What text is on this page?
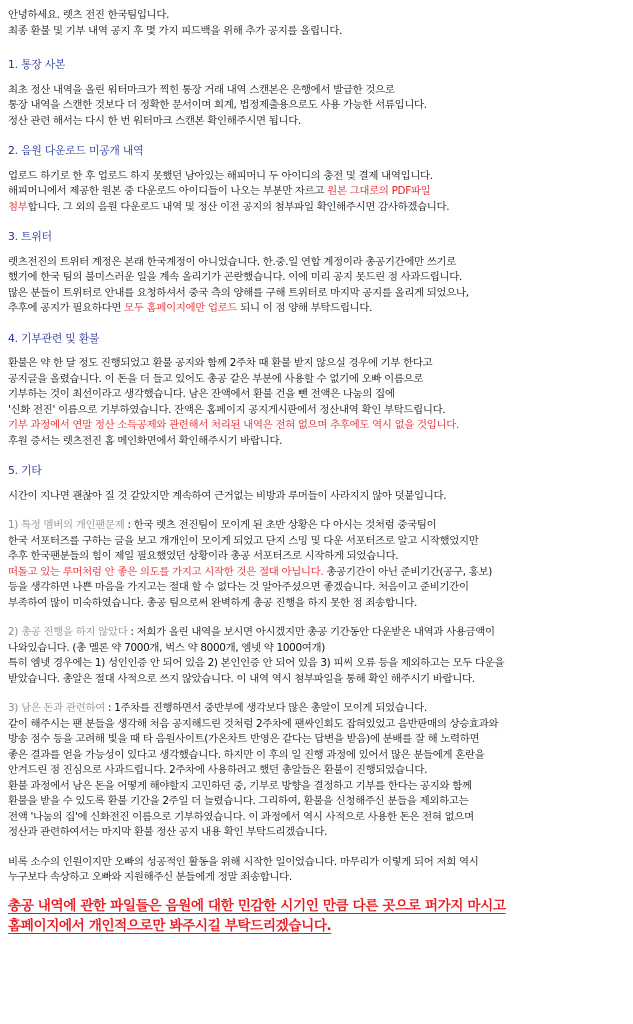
안녕하세요. 렛츠 전진 한국팀입니다.

최종 환불 및 기부 내역 공지 후 몇 가지 피드백을 위해 추가 공지를 올립니다.

1. 통장 사본

최초 정산 내역을 올린 워터마크가 찍힌 통장 거래 내역 스캔본은 은행에서 발급한 것으로

통장 내역을 스캔한 것보다 더 정확한 문서이며 회계, 법정제출용으로도 사용 가능한 서류입니다.

정산 관련 해서는 다시 한 번 워터마크 스캔본 확인해주시면 됩니다.

2. 음원 다운로드 미공개 내역

업로드 하기로 한 후 업로드 하지 못했던 남아있는 해피머니 두 아이디의 충전 및 결제 내역입니다.

해피머니에서 제공한 원본 중 다운로드 아이디들이 나오는 부분만 자르고 원본 그대로의 PDF파일

첨부합니다. 그 외의 음원 다운로드 내역 및 정산 이전 공지의 첨부파일 확인해주시면 감사하겠습니다.

3. 트위터

렛츠전진의 트위터 계정은 본래 한국계정이 아니었습니다. 한.중.일 연합 계정이라 총공기간에만 쓰기로

했기에 한국 팀의 불미스러운 일을 계속 올리기가 곤란했습니다. 이에 미리 공지 못드린 점 사과드립니다.

많은 분들이 트위터로 안내를 요청하셔서 중국 측의 양해를 구해 트위터로 마지막 공지를 올리게 되었으나,

추후에 공지가 필요하다면 모두 홈페이지에만 업로드 되니 이 점 양해 부탁드립니다.

4. 기부관련 및 환불

환불은 약 한 달 정도 진행되었고 환불 공지와 함께 2주차 때 환불 받지 않으실 경우에 기부 한다고

공지글을 올렸습니다. 이 돈을 더 들고 있어도 총공 같은 부분에 사용할 수 없기에 오빠 이름으로

기부하는 것이 최선이라고 생각했습니다. 남은 잔액에서 환불 건을 뺀 전액은 나눔의 집에

'신화 전진' 이름으로 기부하였습니다. 잔액은 홈페이지 공지게시판에서 정산내역 확인 부탁드립니다.

기부 과정에서 연말 정산 소득공제와 관련해서 처리된 내역은 전혀 없으며 추후에도 역시 없을 것입니다.

후원 증서는 렛츠전진 홈 메인화면에서 확인해주시기 바랍니다.

5. 기타

시간이 지나면 괜찮아 질 것 같았지만 계속하여 근거없는 비방과 루머들이 사라지지 않아 덧붙입니다.

1) 특정 멤버의 개인팬문제 : 한국 렛츠 전진팀이 모이게 된 초반 상황은 다 아시는 것처럼 중국팀이

한국 서포터즈를 구하는 글을 보고 개개인이 모이게 되었고 단지 스밍 및 다운 서포터즈로 알고 시작했었지만

추후 한국팬분들의 힘이 제일 필요했었던 상황이라 총공 서포터즈로 시작하게 되었습니다.

떠돌고 있는 루머처럼 안 좋은 의도를 가지고 시작한 것은 절대 아닙니다. 총공기간이 아닌 준비기간(공구, 홍보)

등을 생각하면 나쁜 마음을 가지고는 절대 할 수 없다는 것 알아주셨으면 좋겠습니다. 처음이고 준비기간이

부족하여 많이 미숙하였습니다. 총공 팀으로써 완벽하게 총공 진행을 하지 못한 점 죄송합니다.

2) 총공 진행을 하지 않았다 : 저희가 올린 내역을 보시면 아시겠지만 총공 기간동안 다운받은 내역과 사용금액이

나와있습니다. (총 멜론 약 7000개, 벅스 약 8000개, 엠넷 약 1000여개)

특히 엠넷 경우에는 1) 성인인증 안 되어 있음 2) 본인인증 안 되어 있음 3) 피씨 오류 등을 제외하고는 모두 다운을

받았습니다. 총알은 절대 사적으로 쓰지 않았습니다. 이 내역 역시 첨부파일을 통해 확인 해주시기 바랍니다.

3) 남은 돈과 관련하여 : 1주차를 진행하면서 중반부에 생각보다 많은 총알이 모이게 되었습니다.

같이 해주시는 팬 분들을 생각해 처음 공지해드린 것처럼 2주차에 팬싸인회도 잡혀있었고 음반판매의 상승효과와

방송 점수 등을 고려해 빛을 때 타 음원사이트(가온차트 반영은 같다는 답변을 받음)에 분배를 잘 해 노력하면

좋은 결과를 얻을 가능성이 있다고 생각했습니다. 하지만 이 후의 일 진행 과정에 있어서 많은 분들에게 혼란을

안겨드린 점 진심으로 사과드립니다. 2주차에 사용하려고 했던 총알들은 환불이 진행되었습니다.

환불 과정에서 남은 돈을 어떻게 해야할지 고민하던 중, 기부로 방향을 결정하고 기부를 한다는 공지와 함께

환불을 받을 수 있도록 환불 기간을 2주일 더 늘렸습니다. 그리하여, 환불을 신청해주신 분들을 제외하고는

전액 '나눔의 집'에 신화전진 이름으로 기부하였습니다. 이 과정에서 역시 사적으로 사용한 돈은 전혀 없으며

정산과 관련하여서는 마지막 환불 정산 공지 내용 확인 부탁드리겠습니다.

비록 소수의 인원이지만 오빠의 성공적인 활동을 위해 시작한 일이었습니다. 마무리가 이렇게 되어 저희 역시

누구보다 속상하고 오빠와 지원해주신 분들에게 정말 죄송합니다.

총공 내역에 관한 파일들은 음원에 대한 민감한 시기인 만큼 다른 곳으로 퍼가지 마시고

홈페이지에서 개인적으로만 봐주시길 부탁드리겠습니다.
